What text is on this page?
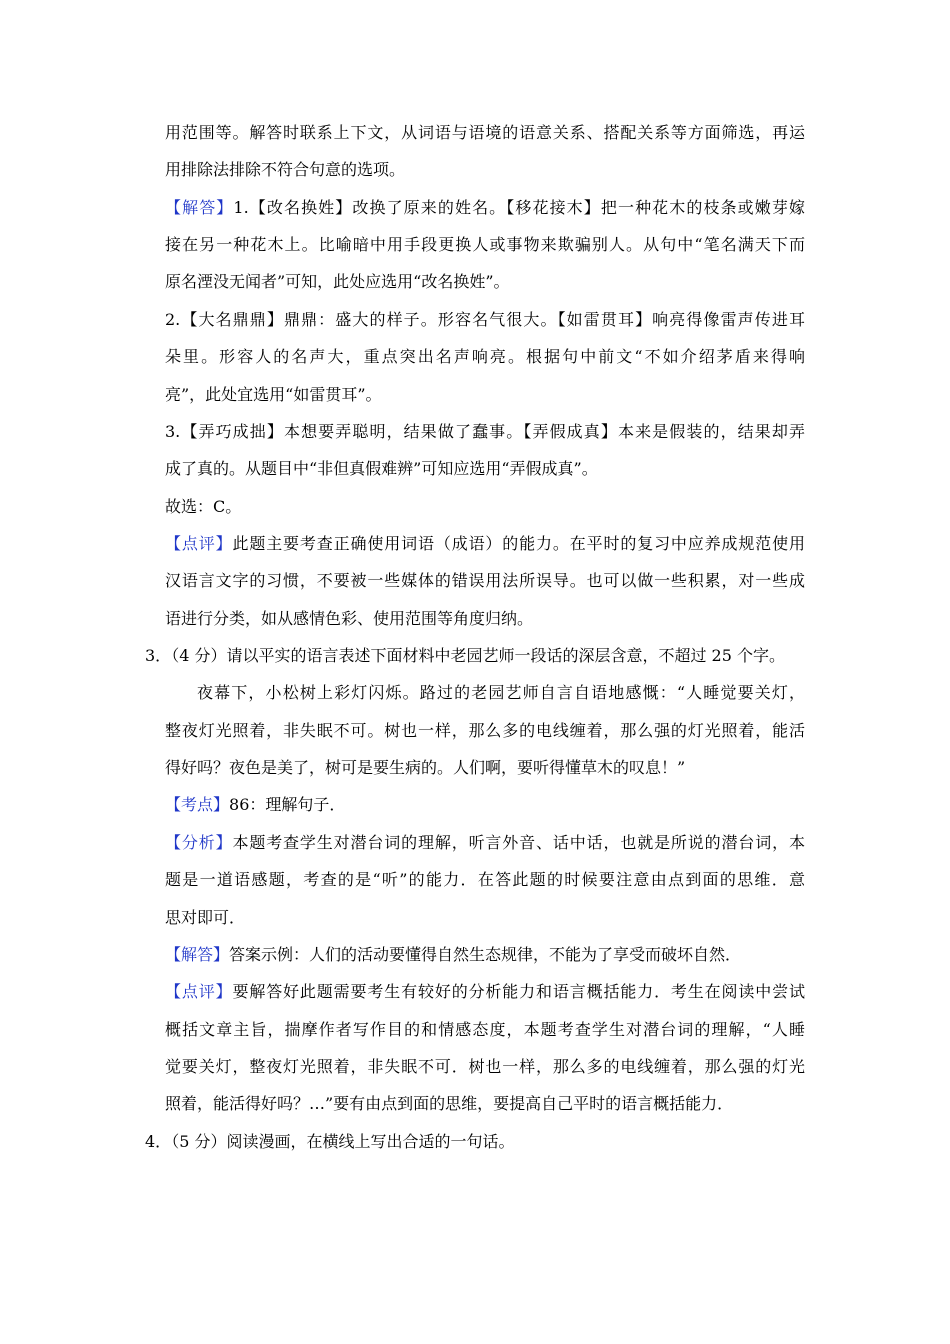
用范围等。解答时联系上下文，从词语与语境的语意关系、搭配关系等方面筛选，再运
用排除法排除不符合句意的选项。
【解答】1.【改名换姓】改换了原来的姓名。【移花接木】把一种花木的枝条或嫩芽嫁
接在另一种花木上。比喻暗中用手段更换人或事物来欺骗别人。从句中“笔名满天下而
原名湮没无闻者”可知，此处应选用“改名换姓”。
2.【大名鼎鼎】鼎鼎：盛大的样子。形容名气很大。【如雷贯耳】响亮得像雷声传进耳
朵里。形容人的名声大，重点突出名声响亮。根据句中前文“不如介绍茅盾来得响
亮”，此处宜选用“如雷贯耳”。
3.【弄巧成拙】本想要弄聪明，结果做了蠢事。【弄假成真】本来是假装的，结果却弄
成了真的。从题目中“非但真假难辨”可知应选用“弄假成真”。
故选：C。
【点评】此题主要考查正确使用词语（成语）的能力。在平时的复习中应养成规范使用
汉语言文字的习惯，不要被一些媒体的错误用法所误导。也可以做一些积累，对一些成
语进行分类，如从感情色彩、使用范围等角度归纳。
3．（4 分）请以平实的语言表述下面材料中老园艺师一段话的深层含意，不超过 25 个字。
夜幕下，小松树上彩灯闪烁。路过的老园艺师自言自语地感慨：“人睡觉要关灯，
整夜灯光照着，非失眠不可。树也一样，那么多的电线缠着，那么强的灯光照着，能活
得好吗？夜色是美了，树可是要生病的。人们啊，要听得懂草木的叹息！”
【考点】86：理解句子．
【分析】本题考查学生对潜台词的理解，听言外音、话中话，也就是所说的潜台词，本
题是一道语感题，考查的是“听”的能力．在答此题的时候要注意由点到面的思维．意
思对即可．
【解答】答案示例：人们的活动要懂得自然生态规律，不能为了享受而破坏自然．
【点评】要解答好此题需要考生有较好的分析能力和语言概括能力．考生在阅读中尝试
概括文章主旨，揣摩作者写作目的和情感态度，本题考查学生对潜台词的理解，“人睡
觉要关灯，整夜灯光照着，非失眠不可．树也一样，那么多的电线缠着，那么强的灯光
照着，能活得好吗？…”要有由点到面的思维，要提高自己平时的语言概括能力．
4．（5 分）阅读漫画，在横线上写出合适的一句话。
